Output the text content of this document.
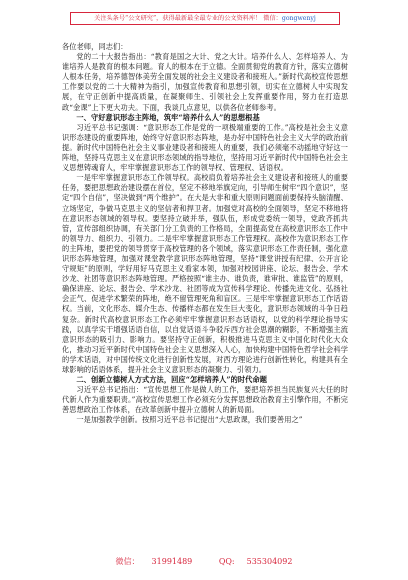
关注头条号“公文研究”，获得最新最全最专业的公文资料库！ 微信：gongwenyj

各位老师，同志们：

党的二十大报告指出：“教育是国之大计、党之大计。培养什么人、怎样培养人、为谁培养人是教育的根本问题。育人的根本在于立德。全面贯彻党的教育方针，落实立德树人根本任务，培养德智体美劳全面发展的社会主义建设者和接班人。”新时代高校宣传思想工作要以党的二十大精神为指引，加强宣传教育和思想引领，切实在立德树人中实现发展，在守正创新中提高质量，在凝聚师生、引领社会上发挥重要作用，努力在打造思政“金课”上下更大功夫。下面，我谈几点意见，以供各位老师参考。

一、守好意识形态主阵地，筑牢“培养什么人”的思想根基

习近平总书记强调：“意识形态工作是党的一项极端重要的工作。”高校是社会主义意识形态建设的重要阵地，始终守好意识形态阵地，是办好中国特色社会主义大学的政治前提。新时代中国特色社会主义事业建设者和接班人的重要，我们必须毫不动摇地守好这一阵地，坚持马克思主义在意识形态领域的指导地位，坚持用习近平新时代中国特色社会主义思想铸魂育人，牢牢掌握意识形态工作的领导权、管理权、话语权。

一是牢牢掌握意识形态工作领导权。高校肩负着培养社会主义建设者和接班人的重要任务，要把思想政治建设摆在首位，坚定不移地举旗定向，引导师生树牢“四个意识”，坚定“四个自信”，坚决做到“两个维护”。在大是大非和重大原则问题面前要保持头脑清醒、立场坚定，争做马克思主义的坚信者和捍卫者。加强党对高校的全面领导，坚定不移地将在意识形态领域的领导权。要坚持立破并举，强队伍，形成党委统一领导，党政齐抓共管，宣传部组织协调，有关部门分工负责的工作格局，全面提高党在高校意识形态工作中的领导力、组织力、引领力。二是牢牢掌握意识形态工作管理权。高校作为意识形态工作的主阵地，要把党的领导贯穿于高校管理的各个领域，落实意识形态工作责任制，强化意识形态阵地管理，加强对课堂教学意识形态阵地管理，坚持“课堂讲授有纪律、公开言论守规矩”的原则，学好用好马克思主义看家本领，加强对校园讲座、论坛、报告会、学术沙龙、社团等意识形态阵地管理。严格按照“谁主办、谁负责，谁审批、谁监管”的原则，确保讲座、论坛、报告会、学术沙龙、社团等成为宣传科学理论、传播先进文化、弘扬社会正气、促进学术繁荣的阵地，绝不留管理死角和盲区。三是牢牢掌握意识形态工作话语权。当前，文化形态、媒介生态、传播样态都在发生巨大变化，意识形态领域的斗争日趋复杂。新时代高校意识形态工作必须牢牢掌握意识形态话语权，以党的科学理论指导实践，以真学实干增强话语自信，以自觉话语斗争驳斥西方社会思潮的糊影，不断增强主流意识形态的吸引力、影响力。要坚持守正创新，积极推进马克思主义中国化时代化大众化，推动习近平新时代中国特色社会主义思想深入人心，加快构建中国特色哲学社会科学的学术话语，对中国传统文化进行创新性发展，对西方理论进行创新性转化，构建具有全球影响的话语体系，提升社会主义意识形态的凝聚力、引领力。

二、创新立德树人方式方法，回应“怎样培养人”的时代命题

习近平总书记指出：“宣传思想工作是做人的工作，要把培养担当民族复兴大任的时代新人作为重要职责。”高校宣传思想工作必须充分发挥思想政治教育主引擎作用，不断完善思想政治工作体系，在改革创新中提升立德树人的新局面。

一是加强教学创新。按照习近平总书记提出“大思政课，我们要善用之”

微信： 31991489	QQ: 535304092
